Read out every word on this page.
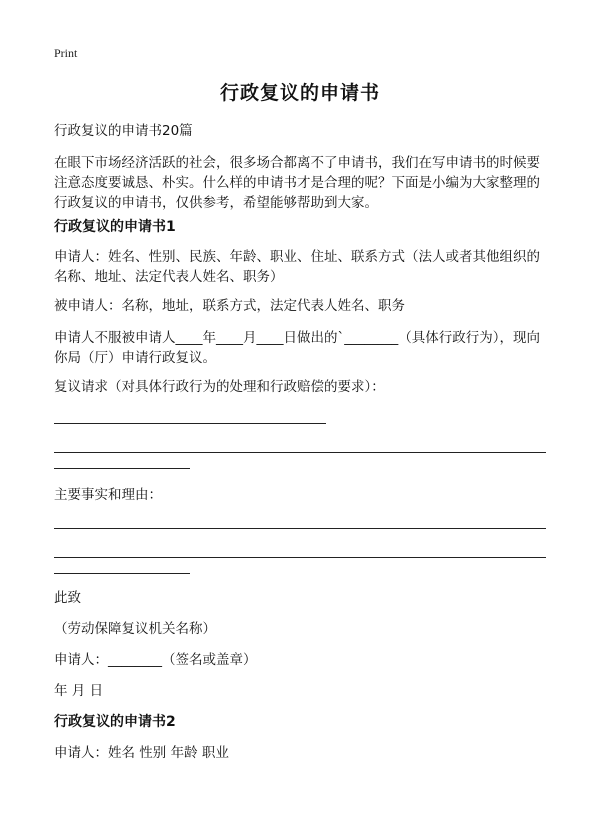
Print
行政复议的申请书
行政复议的申请书20篇
在眼下市场经济活跃的社会，很多场合都离不了申请书，我们在写申请书的时候要注意态度要诚恳、朴实。什么样的申请书才是合理的呢？下面是小编为大家整理的行政复议的申请书，仅供参考，希望能够帮助到大家。
行政复议的申请书1
申请人：姓名、性别、民族、年龄、职业、住址、联系方式（法人或者其他组织的名称、地址、法定代表人姓名、职务）
被申请人：名称，地址，联系方式，法定代表人姓名、职务
申请人不服被申请人____年____月____日做出的`________（具体行政行为），现向你局（厅）申请行政复议。
复议请求（对具体行政行为的处理和行政赔偿的要求）：
主要事实和理由：
此致
（劳动保障复议机关名称）
申请人：________（签名或盖章）
年 月 日
行政复议的申请书2
申请人：姓名 性别 年龄 职业
